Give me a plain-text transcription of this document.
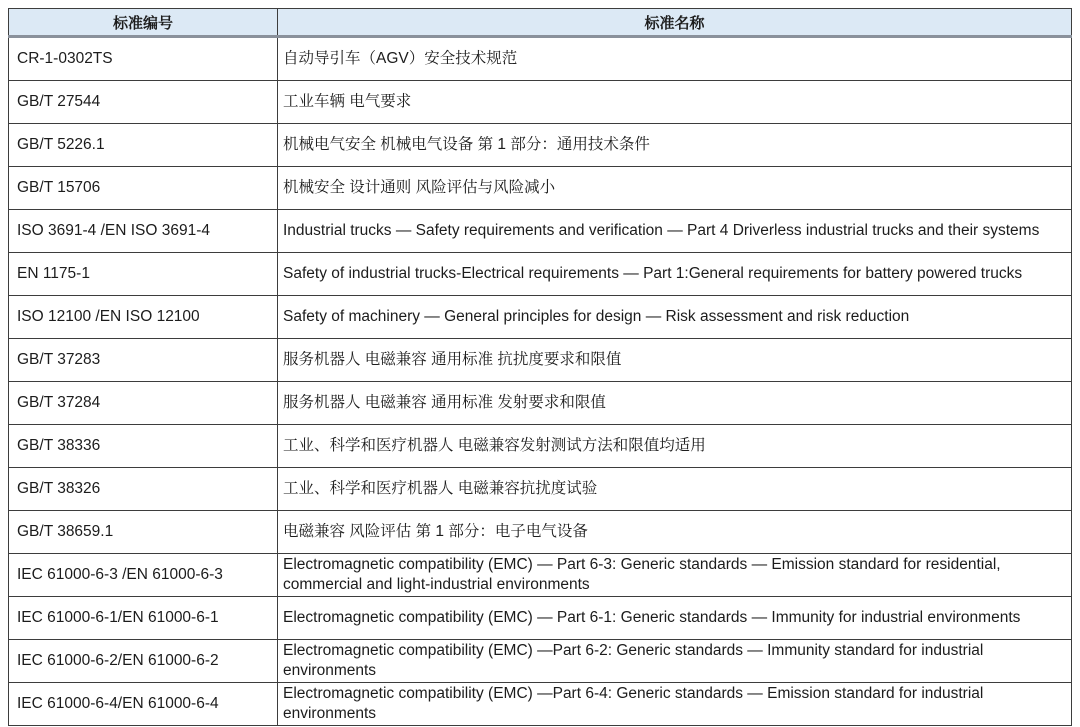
标准编号	标准名称
CR-1-0302TS	自动导引车（AGV）安全技术规范
GB/T 27544	工业车辆 电气要求
GB/T 5226.1	机械电气安全 机械电气设备 第 1 部分：通用技术条件
GB/T 15706	机械安全 设计通则 风险评估与风险减小
ISO 3691-4 /EN ISO 3691-4	Industrial trucks — Safety requirements and verification — Part 4 Driverless industrial trucks and their systems
EN 1175-1	Safety of industrial trucks-Electrical requirements — Part 1:General requirements for battery powered trucks
ISO 12100 /EN ISO 12100	Safety of machinery — General principles for design — Risk assessment and risk reduction
GB/T 37283	服务机器人 电磁兼容 通用标准 抗扰度要求和限值
GB/T 37284	服务机器人 电磁兼容 通用标准 发射要求和限值
GB/T 38336	工业、科学和医疗机器人 电磁兼容发射测试方法和限值均适用
GB/T 38326	工业、科学和医疗机器人 电磁兼容抗扰度试验
GB/T 38659.1	电磁兼容 风险评估 第 1 部分：电子电气设备
IEC 61000-6-3 /EN 61000-6-3	Electromagnetic compatibility (EMC) — Part 6-3: Generic standards — Emission standard for residential, commercial and light-industrial environments
IEC 61000-6-1/EN 61000-6-1	Electromagnetic compatibility (EMC) — Part 6-1: Generic standards — Immunity for industrial environments
IEC 61000-6-2/EN 61000-6-2	Electromagnetic compatibility (EMC) —Part 6-2: Generic standards — Immunity standard for industrial environments
IEC 61000-6-4/EN 61000-6-4	Electromagnetic compatibility (EMC) —Part 6-4: Generic standards — Emission standard for industrial environments
